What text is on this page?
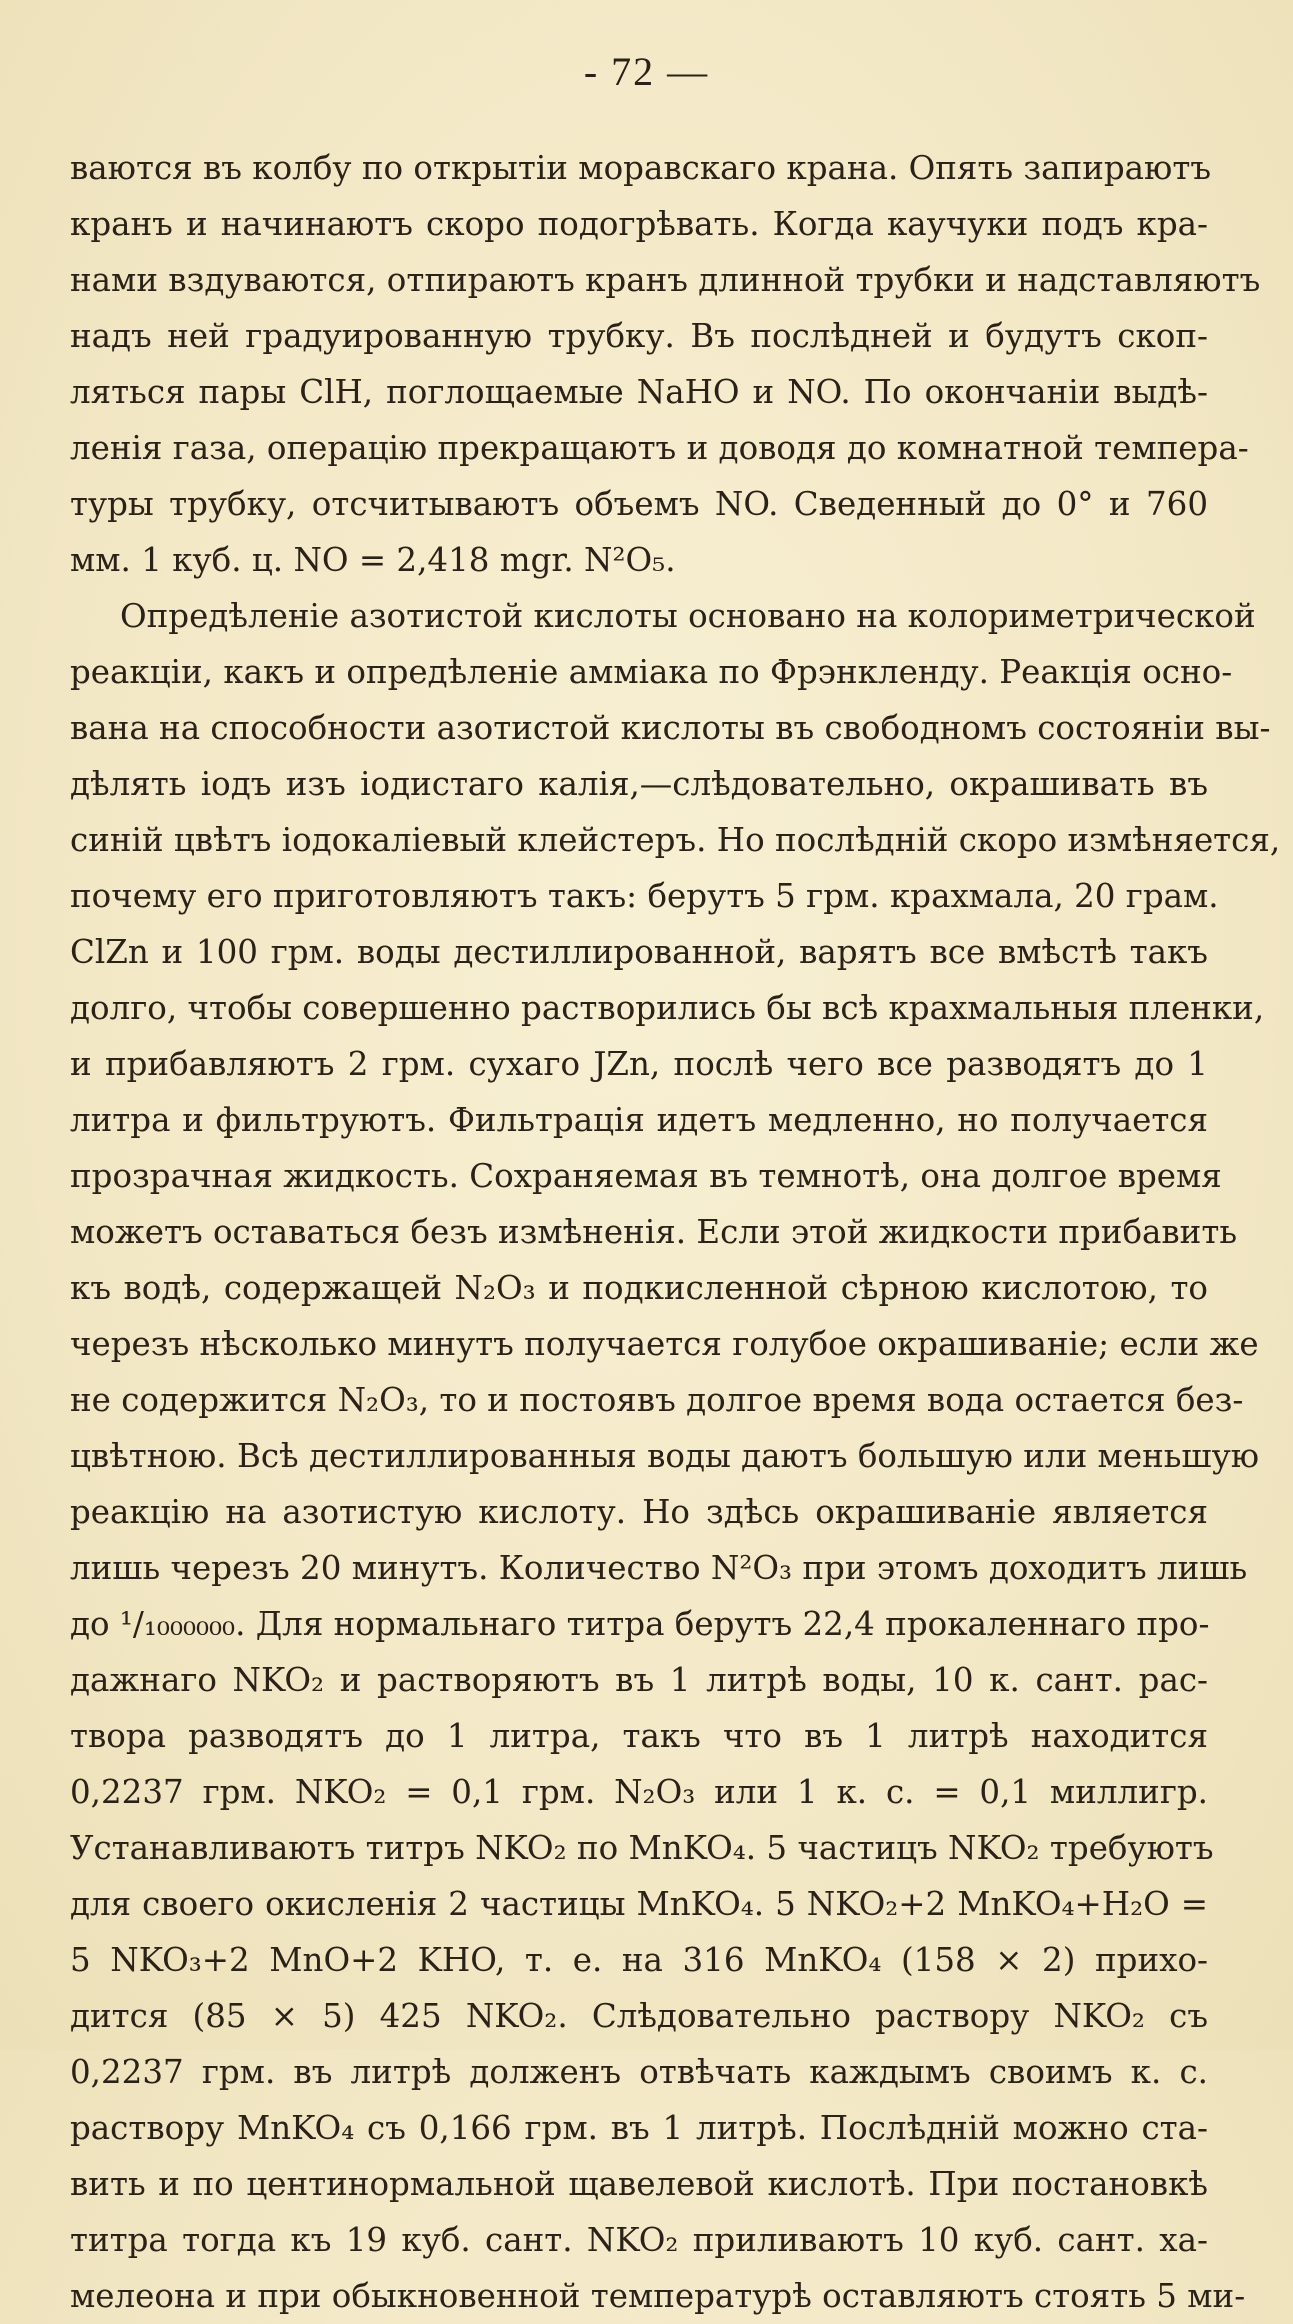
- 72 —
ваются въ колбу по открытіи моравскаго крана. Опять запираютъ
кранъ и начинаютъ скоро подогрѣвать. Когда каучуки подъ кра-
нами вздуваются, отпираютъ кранъ длинной трубки и надставляютъ
надъ ней градуированную трубку. Въ послѣдней и будутъ скоп-
ляться пары ClH, поглощаемые NaHO и NO. По окончаніи выдѣ-
ленія газа, операцію прекращаютъ и доводя до комнатной темпера-
туры трубку, отсчитываютъ объемъ NO. Сведенный до 0° и 760
мм. 1 куб. ц. NO = 2,418 mgr. N²O₅.
Опредѣленіе азотистой кислоты основано на колориметрической
реакціи, какъ и опредѣленіе аммiака по Фрэнкленду. Реакція осно-
вана на способности азотистой кислоты въ свободномъ состояніи вы-
дѣлять іодъ изъ іодистаго калія,—слѣдовательно, окрашивать въ
синій цвѣтъ іодокаліевый клейстеръ. Но послѣдній скоро измѣняется,
почему его приготовляютъ такъ: берутъ 5 грм. крахмала, 20 грам.
ClZn и 100 грм. воды дестиллированной, варятъ все вмѣстѣ такъ
долго, чтобы совершенно растворились бы всѣ крахмальныя пленки,
и прибавляютъ 2 грм. сухаго JZn, послѣ чего все разводятъ до 1
литра и фильтруютъ. Фильтрація идетъ медленно, но получается
прозрачная жидкость. Сохраняемая въ темнотѣ, она долгое время
можетъ оставаться безъ измѣненія. Если этой жидкости прибавить
къ водѣ, содержащей N₂O₃ и подкисленной сѣрною кислотою, то
черезъ нѣсколько минутъ получается голубое окрашиваніе; если же
не содержится N₂O₃, то и постоявъ долгое время вода остается без-
цвѣтною. Всѣ дестиллированныя воды даютъ большую или меньшую
реакцію на азотистую кислоту. Но здѣсь окрашиваніе является
лишь черезъ 20 минутъ. Количество N²O₃ при этомъ доходитъ лишь
до ¹/₁₀₀₀₀₀₀. Для нормальнаго титра берутъ 22,4 прокаленнаго про-
дажнаго NKO₂ и растворяютъ въ 1 литрѣ воды, 10 к. сант. рас-
твора разводятъ до 1 литра, такъ что въ 1 литрѣ находится
0,2237 грм. NKO₂ = 0,1 грм. N₂O₃ или 1 к. с. = 0,1 миллигр.
Устанавливаютъ титръ NKO₂ по MnKO₄. 5 частицъ NKO₂ требуютъ
для своего окисленія 2 частицы MnKO₄. 5 NKO₂+2 MnKO₄+H₂O =
5 NKO₃+2 MnO+2 KHO, т. е. на 316 MnKO₄ (158 × 2) прихо-
дится (85 × 5) 425 NKO₂. Слѣдовательно раствору NKO₂ съ
0,2237 грм. въ литрѣ долженъ отвѣчать каждымъ своимъ к. с.
раствору MnKO₄ съ 0,166 грм. въ 1 литрѣ. Послѣдній можно ста-
вить и по центинормальной щавелевой кислотѣ. При постановкѣ
титра тогда къ 19 куб. сант. NKO₂ приливаютъ 10 куб. сант. ха-
мелеона и при обыкновенной температурѣ оставляютъ стоять 5 ми-
